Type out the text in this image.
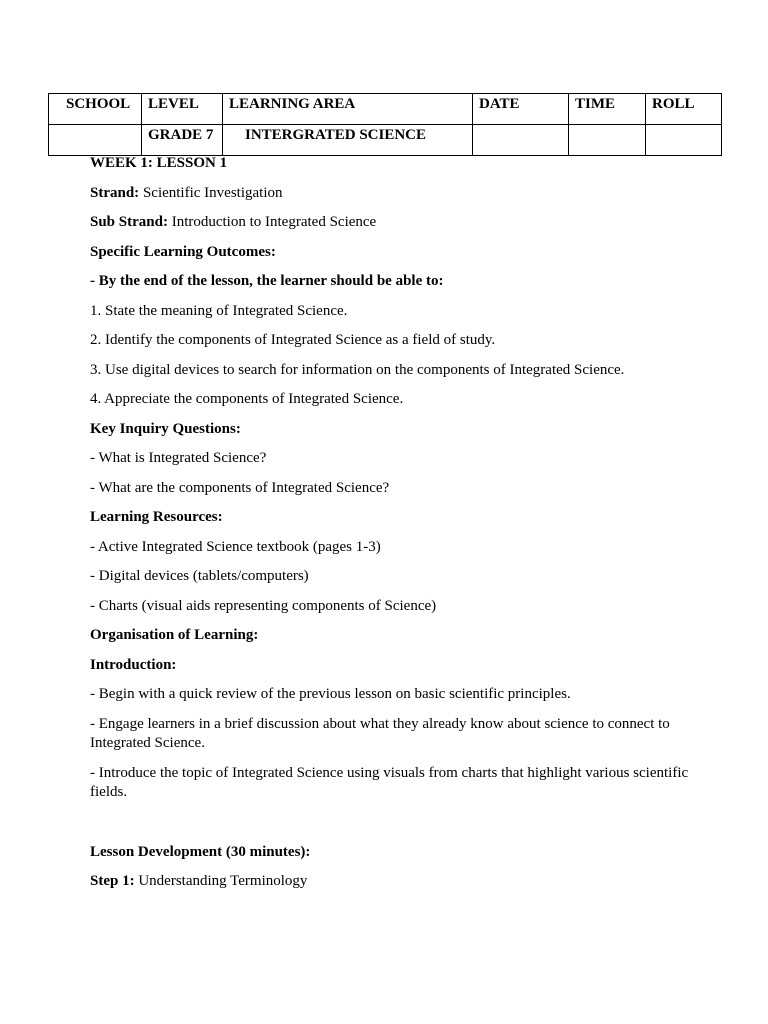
SCHOOL	LEVEL	LEARNING AREA	DATE	TIME	ROLL
	GRADE 7	INTERGRATED SCIENCE			

WEEK 1: LESSON 1

Strand: Scientific Investigation

Sub Strand: Introduction to Integrated Science

Specific Learning Outcomes:

- By the end of the lesson, the learner should be able to:

1. State the meaning of Integrated Science.

2. Identify the components of Integrated Science as a field of study.

3. Use digital devices to search for information on the components of Integrated Science.

4. Appreciate the components of Integrated Science.

Key Inquiry Questions:

- What is Integrated Science?

- What are the components of Integrated Science?

Learning Resources:

- Active Integrated Science textbook (pages 1-3)

- Digital devices (tablets/computers)

- Charts (visual aids representing components of Science)

Organisation of Learning:

Introduction:

- Begin with a quick review of the previous lesson on basic scientific principles.

- Engage learners in a brief discussion about what they already know about science to connect to Integrated Science.

- Introduce the topic of Integrated Science using visuals from charts that highlight various scientific fields.

Lesson Development (30 minutes):

Step 1: Understanding Terminology
